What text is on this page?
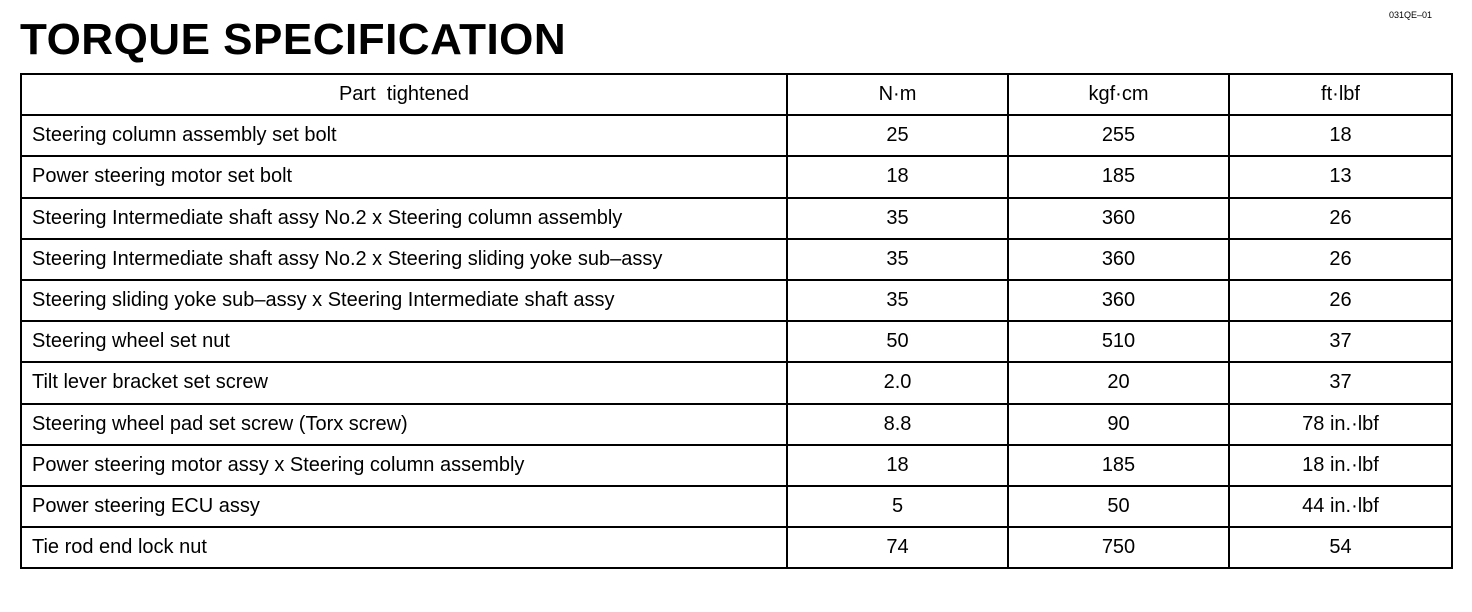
TORQUE SPECIFICATION	031QE–01
Part  tightened	N·m	kgf·cm	ft·lbf
Steering column assembly set bolt	25	255	18
Power steering motor set bolt	18	185	13
Steering Intermediate shaft assy No.2 x Steering column assembly	35	360	26
Steering Intermediate shaft assy No.2 x Steering sliding yoke sub–assy	35	360	26
Steering sliding yoke sub–assy x Steering Intermediate shaft assy	35	360	26
Steering wheel set nut	50	510	37
Tilt lever bracket set screw	2.0	20	37
Steering wheel pad set screw (Torx screw)	8.8	90	78 in.·lbf
Power steering motor assy x Steering column assembly	18	185	18 in.·lbf
Power steering ECU assy	5	50	44 in.·lbf
Tie rod end lock nut	74	750	54
